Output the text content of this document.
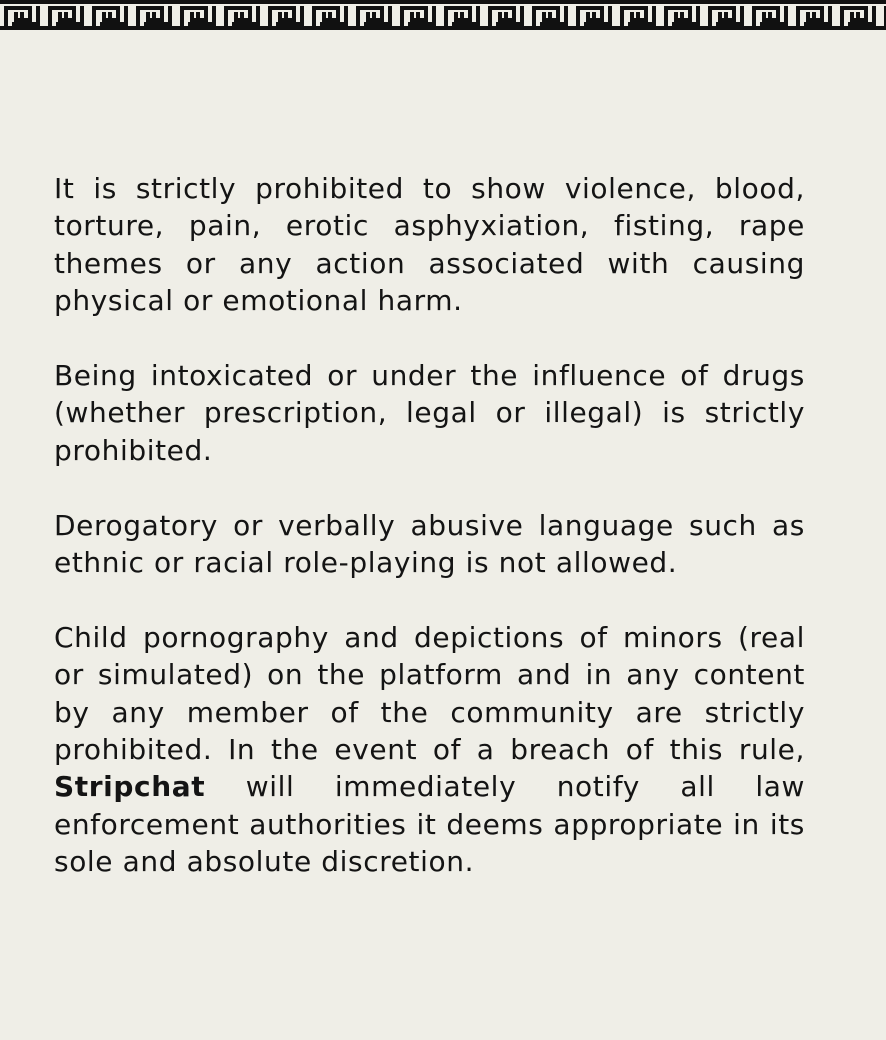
It is strictly prohibited to show violence, blood, torture, pain, erotic asphyxiation, fisting, rape themes or any action associated with causing physical or emotional harm.

Being intoxicated or under the influence of drugs (whether prescription, legal or illegal) is strictly prohibited.

Derogatory or verbally abusive language such as ethnic or racial role-playing is not allowed.

Child pornography and depictions of minors (real or simulated) on the platform and in any content by any member of the community are strictly prohibited. In the event of a breach of this rule, Stripchat will immediately notify all law enforcement authorities it deems appropriate in its sole and absolute discretion.
